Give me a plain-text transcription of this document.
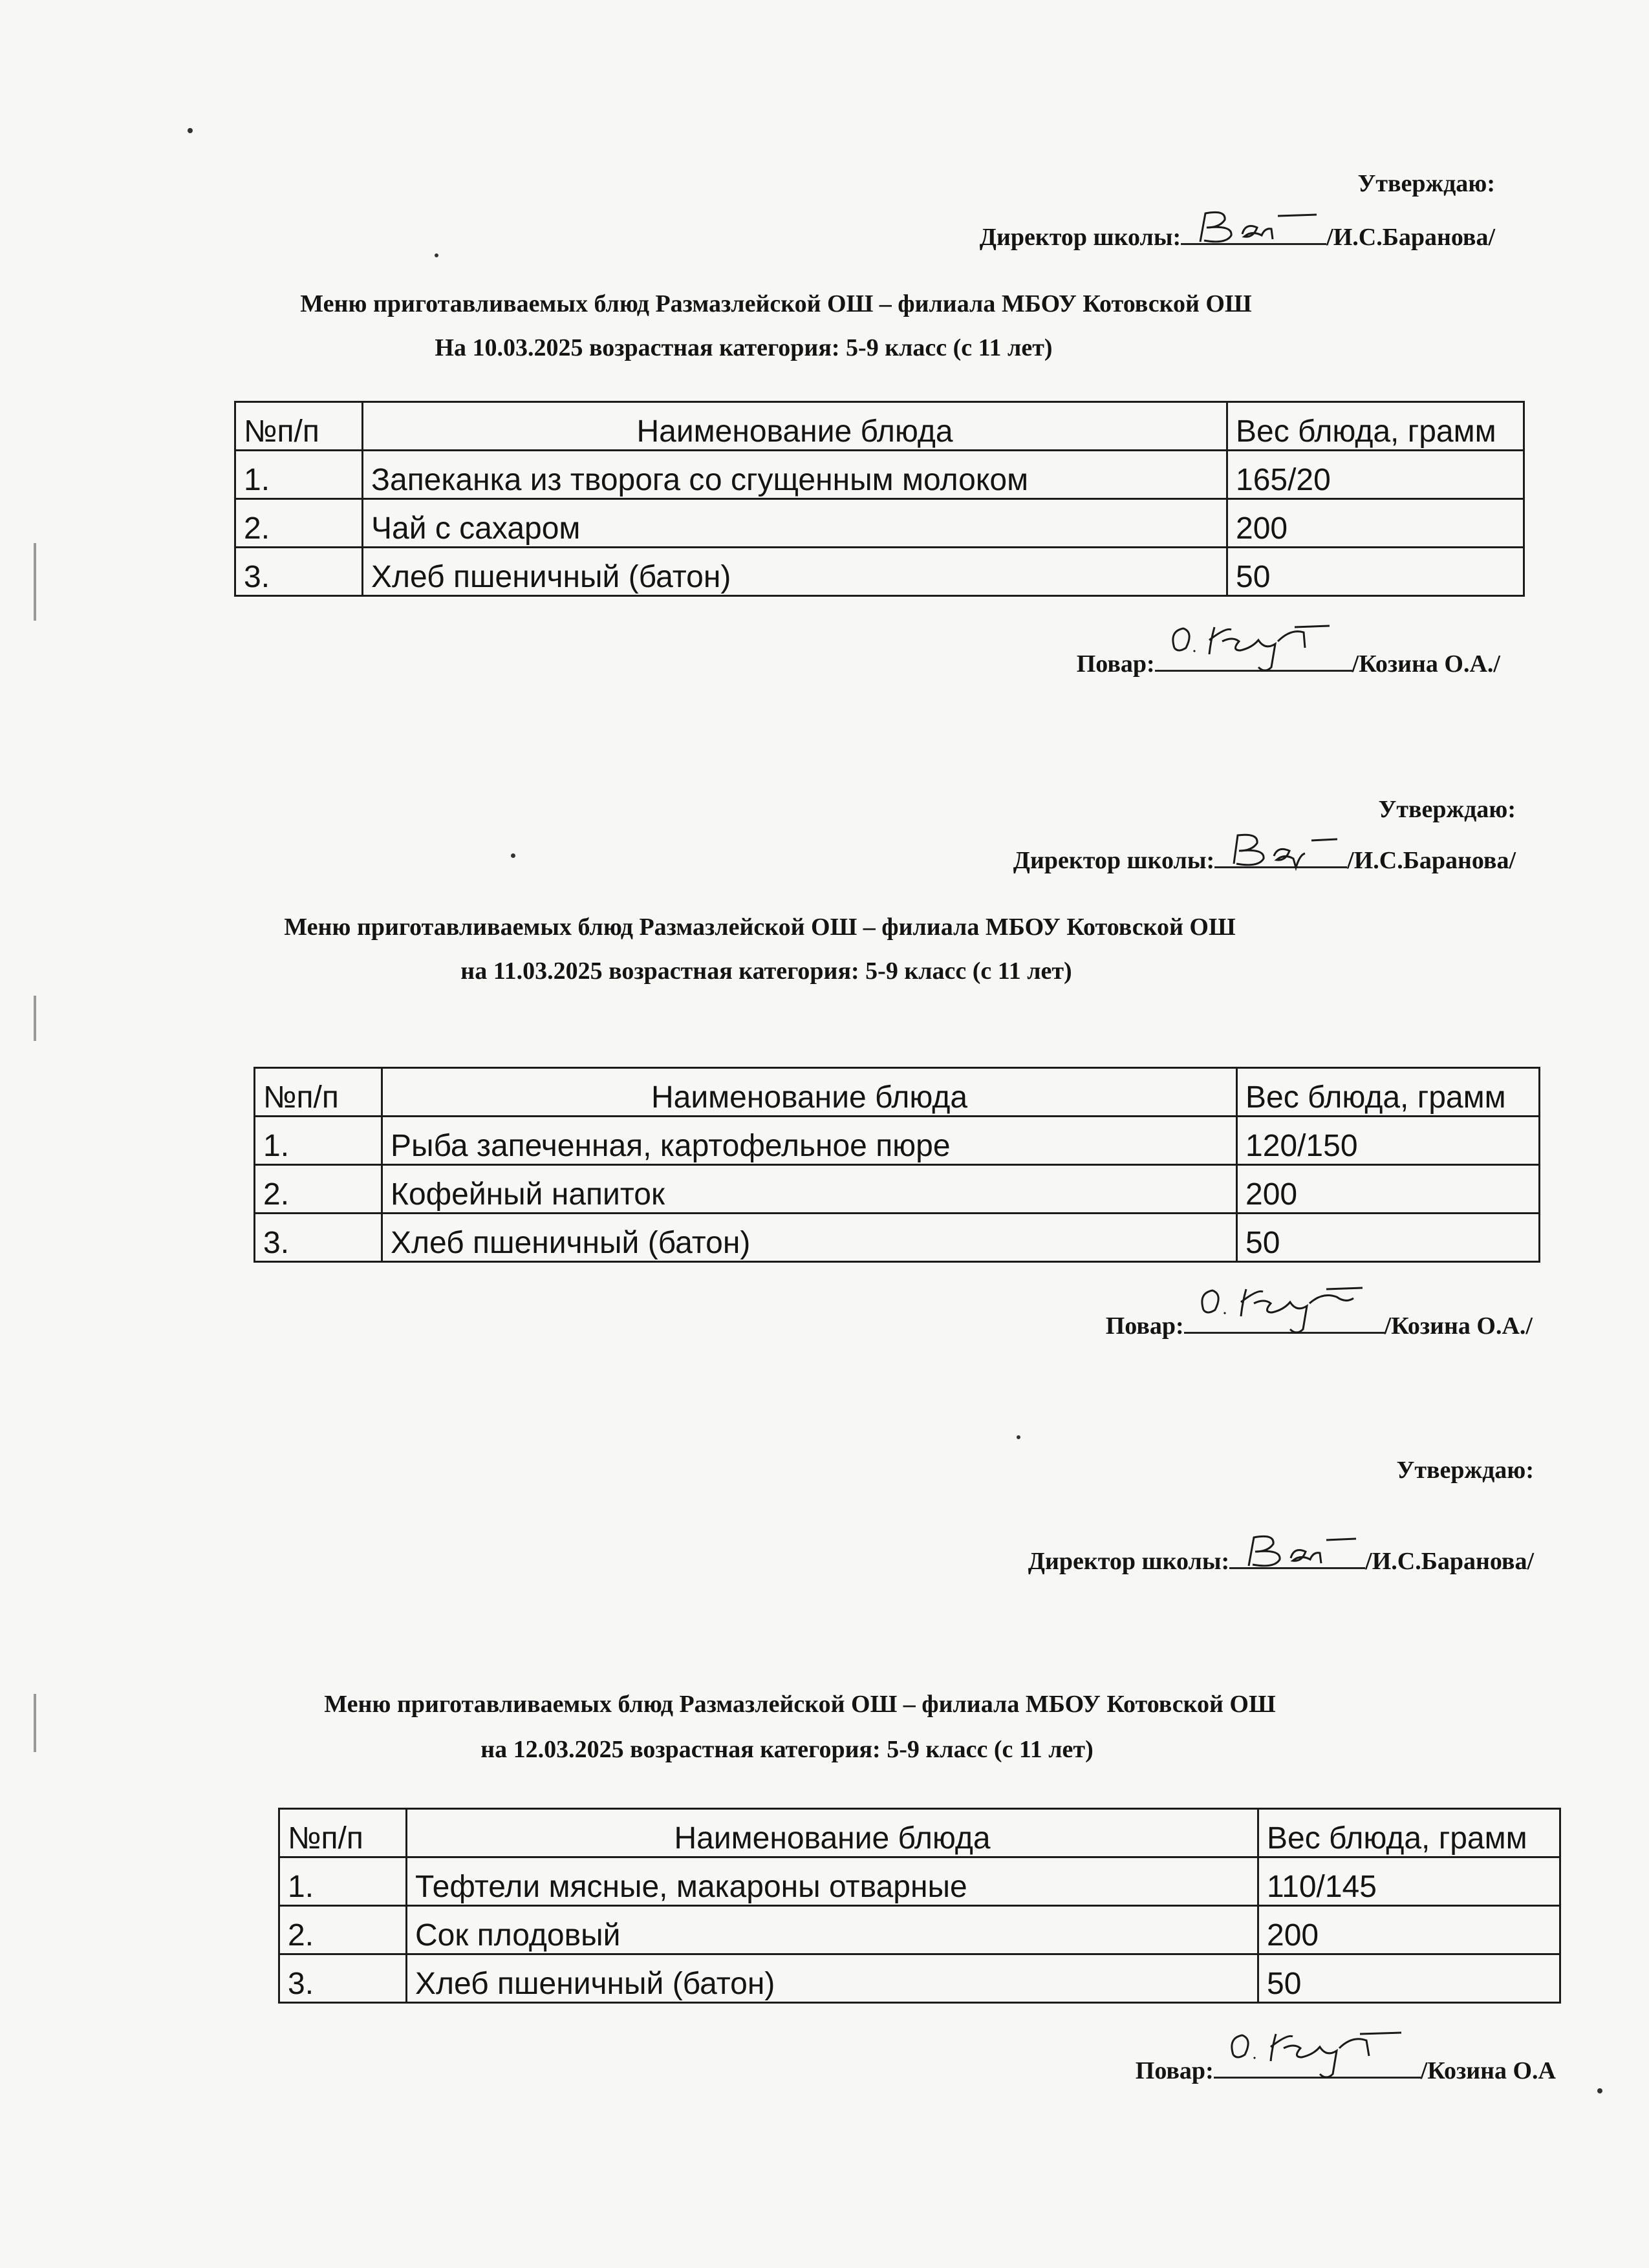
Утверждаю:
Директор школы:	/И.С.Баранова/
Меню приготавливаемых блюд Размазлейской ОШ – филиала МБОУ Котовской ОШ
На 10.03.2025 возрастная категория: 5-9 класс (с 11 лет)
№п/п	Наименование блюда	Вес блюда, грамм
1.	Запеканка из творога со сгущенным молоком	165/20
2.	Чай с сахаром	200
3.	Хлеб пшеничный (батон)	50
Повар:	/Козина О.А./
Утверждаю:
Директор школы:	/И.С.Баранова/
Меню приготавливаемых блюд Размазлейской ОШ – филиала МБОУ Котовской ОШ
на 11.03.2025 возрастная категория: 5-9 класс (с 11 лет)
№п/п	Наименование блюда	Вес блюда, грамм
1.	Рыба запеченная, картофельное пюре	120/150
2.	Кофейный напиток	200
3.	Хлеб пшеничный (батон)	50
Повар:	/Козина О.А./
Утверждаю:
Директор школы:	/И.С.Баранова/
Меню приготавливаемых блюд Размазлейской ОШ – филиала МБОУ Котовской ОШ
на 12.03.2025 возрастная категория: 5-9 класс (с 11 лет)
№п/п	Наименование блюда	Вес блюда, грамм
1.	Тефтели мясные, макароны отварные	110/145
2.	Сок плодовый	200
3.	Хлеб пшеничный (батон)	50
Повар:	/Козина О.А
